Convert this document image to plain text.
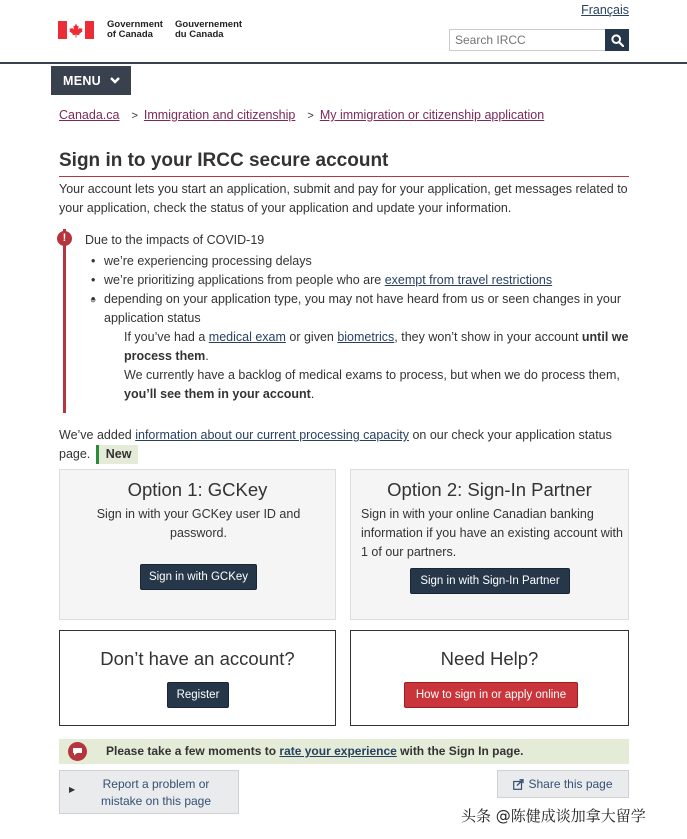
Français
Government
of Canada
Gouvernement
du Canada
Search IRCC
MENU
Canada.ca > Immigration and citizenship > My immigration or citizenship application
Sign in to your IRCC secure account

Your account lets you start an application, submit and pay for your application, get messages related to your application, check the status of your application and update your information.

!	Due to the impacts of COVID-19
• we’re experiencing processing delays
• we’re prioritizing applications from people who are exempt from travel restrictions
• depending on your application type, you may not have heard from us or seen changes in your application status
○ If you’ve had a medical exam or given biometrics, they won’t show in your account until we process them.
○ We currently have a backlog of medical exams to process, but when we do process them, you’ll see them in your account.
We’ve added information about our current processing capacity on our check your application status page. New
Option 1: GCKey

Sign in with your GCKey user ID and password.

Sign in with GCKey
Option 2: Sign-In Partner

Sign in with your online Canadian banking information if you have an existing account with 1 of our partners.

Sign in with Sign-In Partner
Don’t have an account?
Register
Need Help?
How to sign in or apply online
Please take a few moments to rate your experience with the Sign In page.
▶ Report a problem or mistake on this page
Share this page
头条 @陈健成谈加拿大留学
